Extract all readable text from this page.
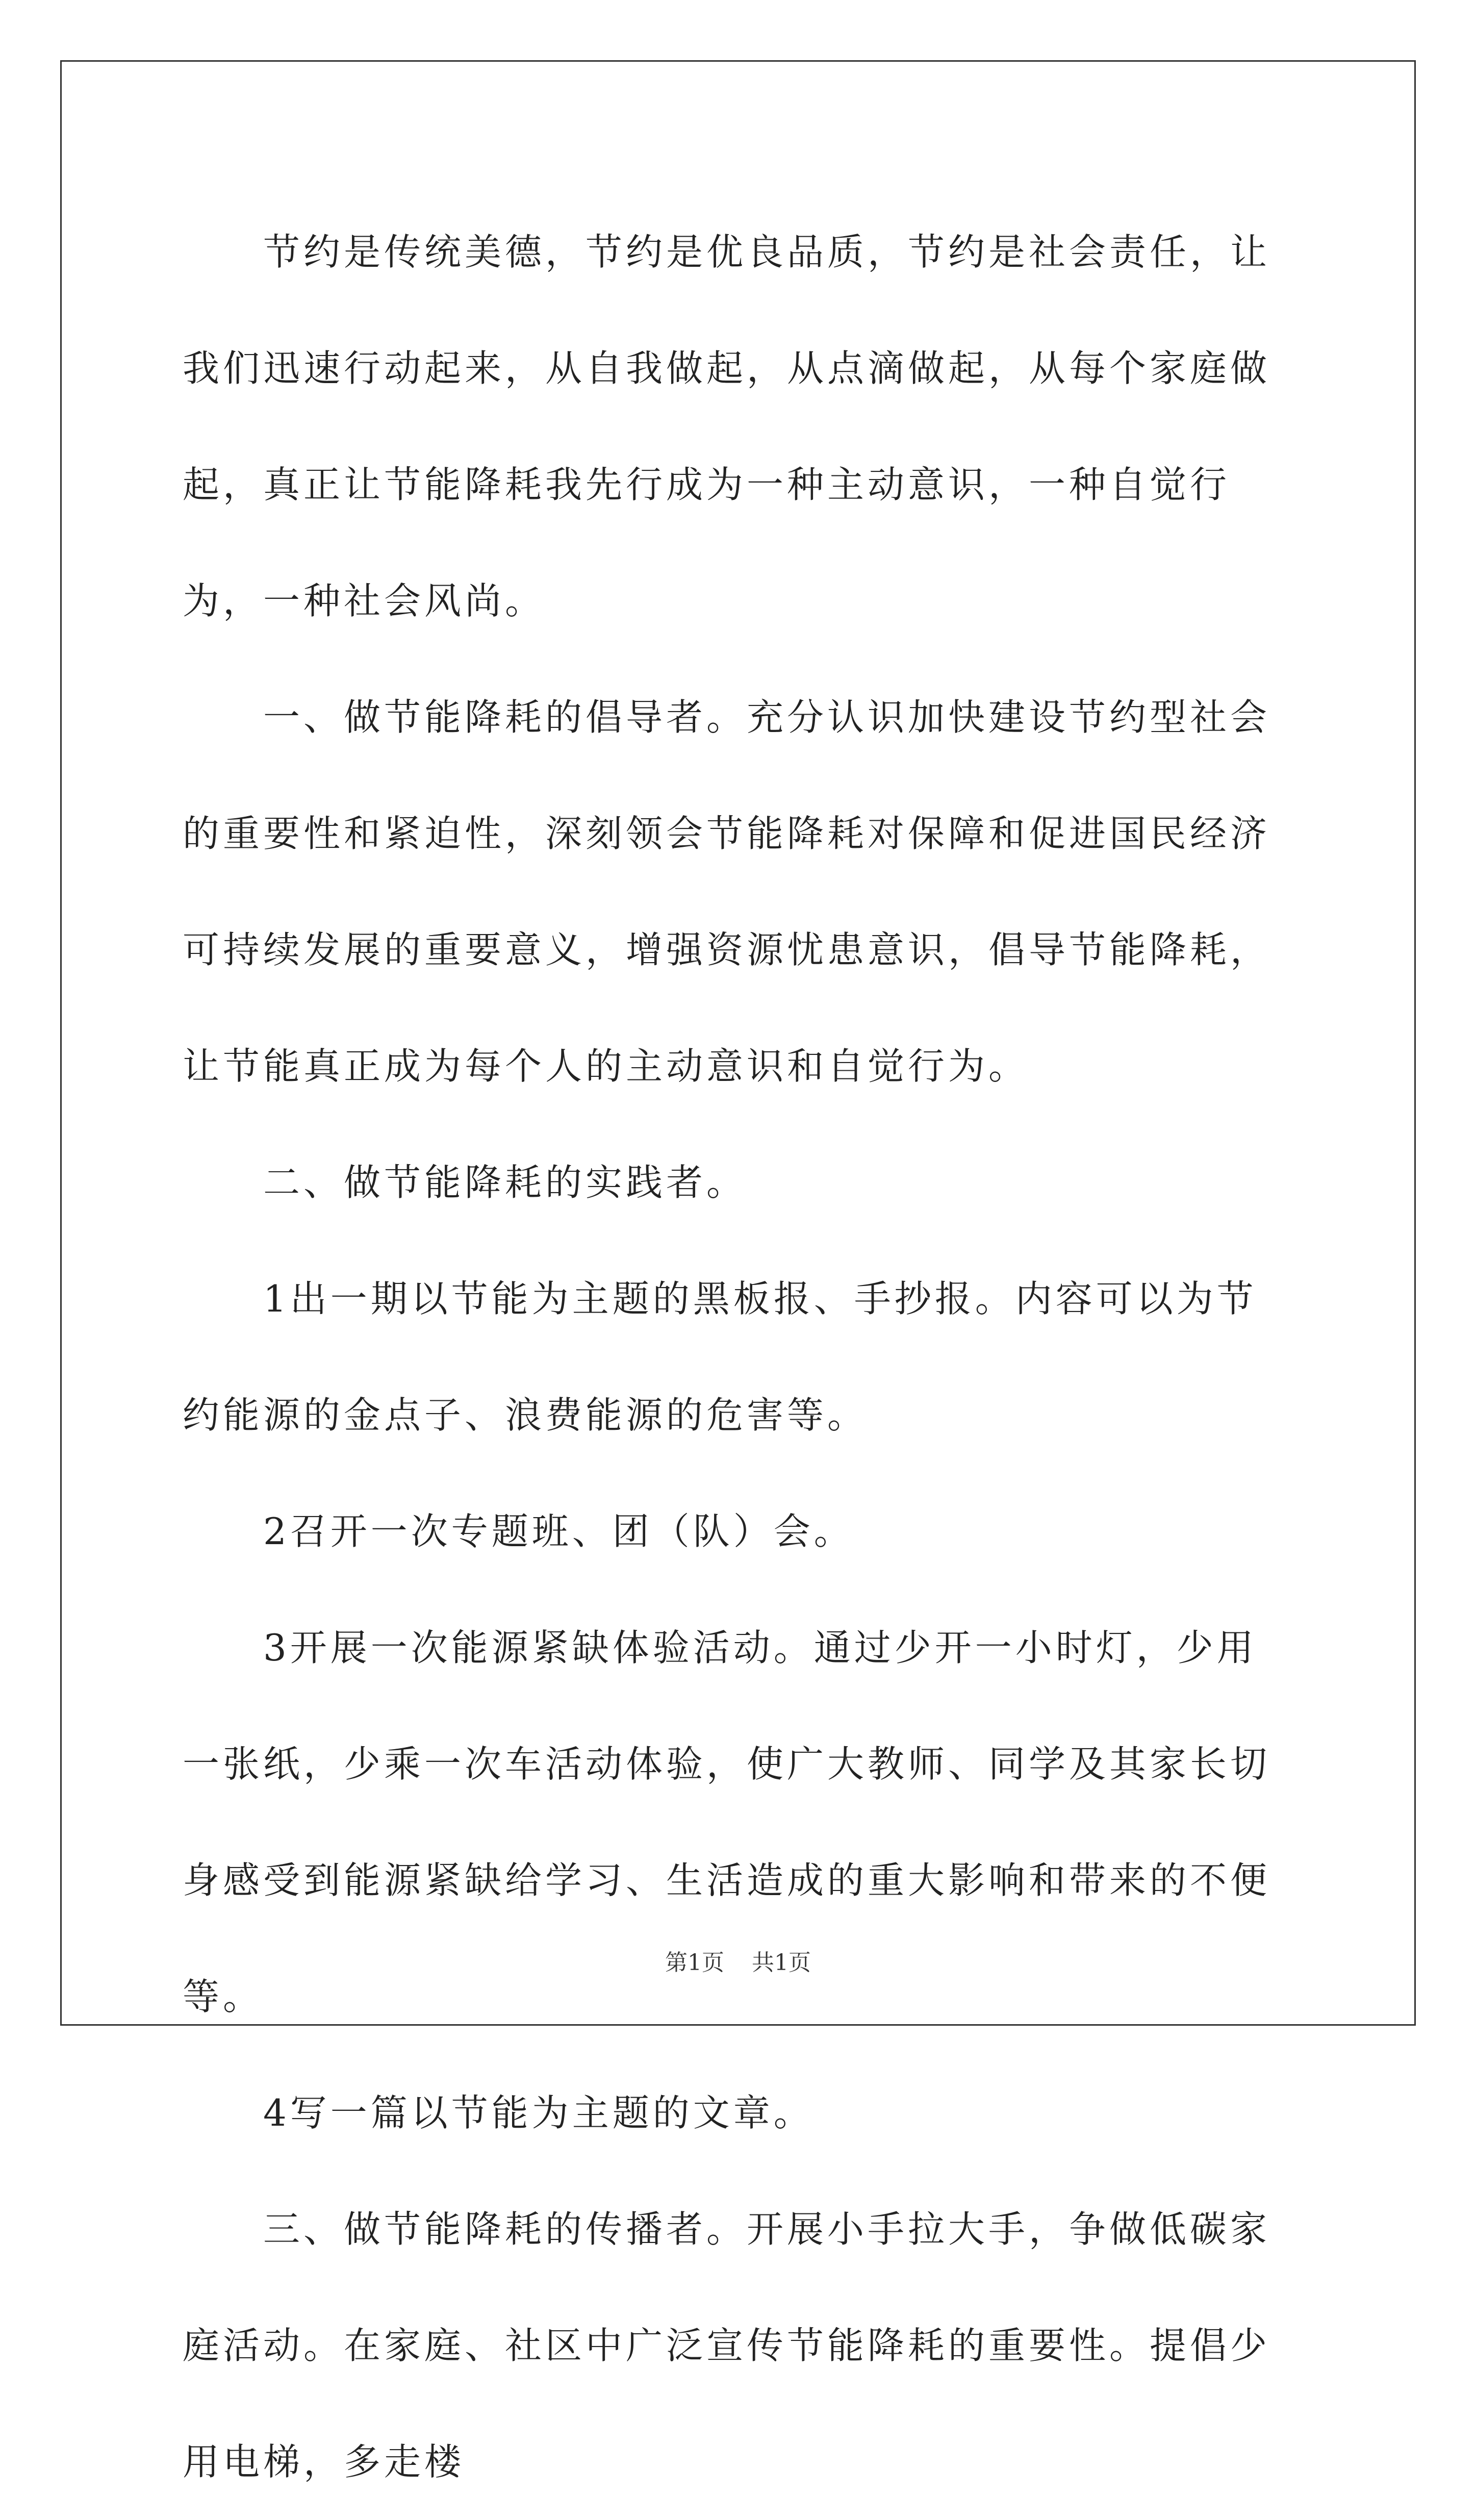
节约是传统美德，节约是优良品质，节约是社会责任，让我们迅速行动起来，从自我做起，从点滴做起，从每个家庭做起，真正让节能降耗我先行成为一种主动意识，一种自觉行为，一种社会风尚。

一、做节能降耗的倡导者。充分认识加快建设节约型社会的重要性和紧迫性，深刻领会节能降耗对保障和促进国民经济可持续发展的重要意义，增强资源忧患意识，倡导节能降耗，让节能真正成为每个人的主动意识和自觉行为。

二、做节能降耗的实践者。

1出一期以节能为主题的黑板报、手抄报。内容可以为节约能源的金点子、浪费能源的危害等。

2召开一次专题班、团（队）会。

3开展一次能源紧缺体验活动。通过少开一小时灯，少用一张纸，少乘一次车活动体验，使广大教师、同学及其家长切身感受到能源紧缺给学习、生活造成的重大影响和带来的不便等。

4写一篇以节能为主题的文章。

三、做节能降耗的传播者。开展小手拉大手，争做低碳家庭活动。在家庭、社区中广泛宣传节能降耗的重要性。提倡少用电梯，多走楼

第1页 共1页
